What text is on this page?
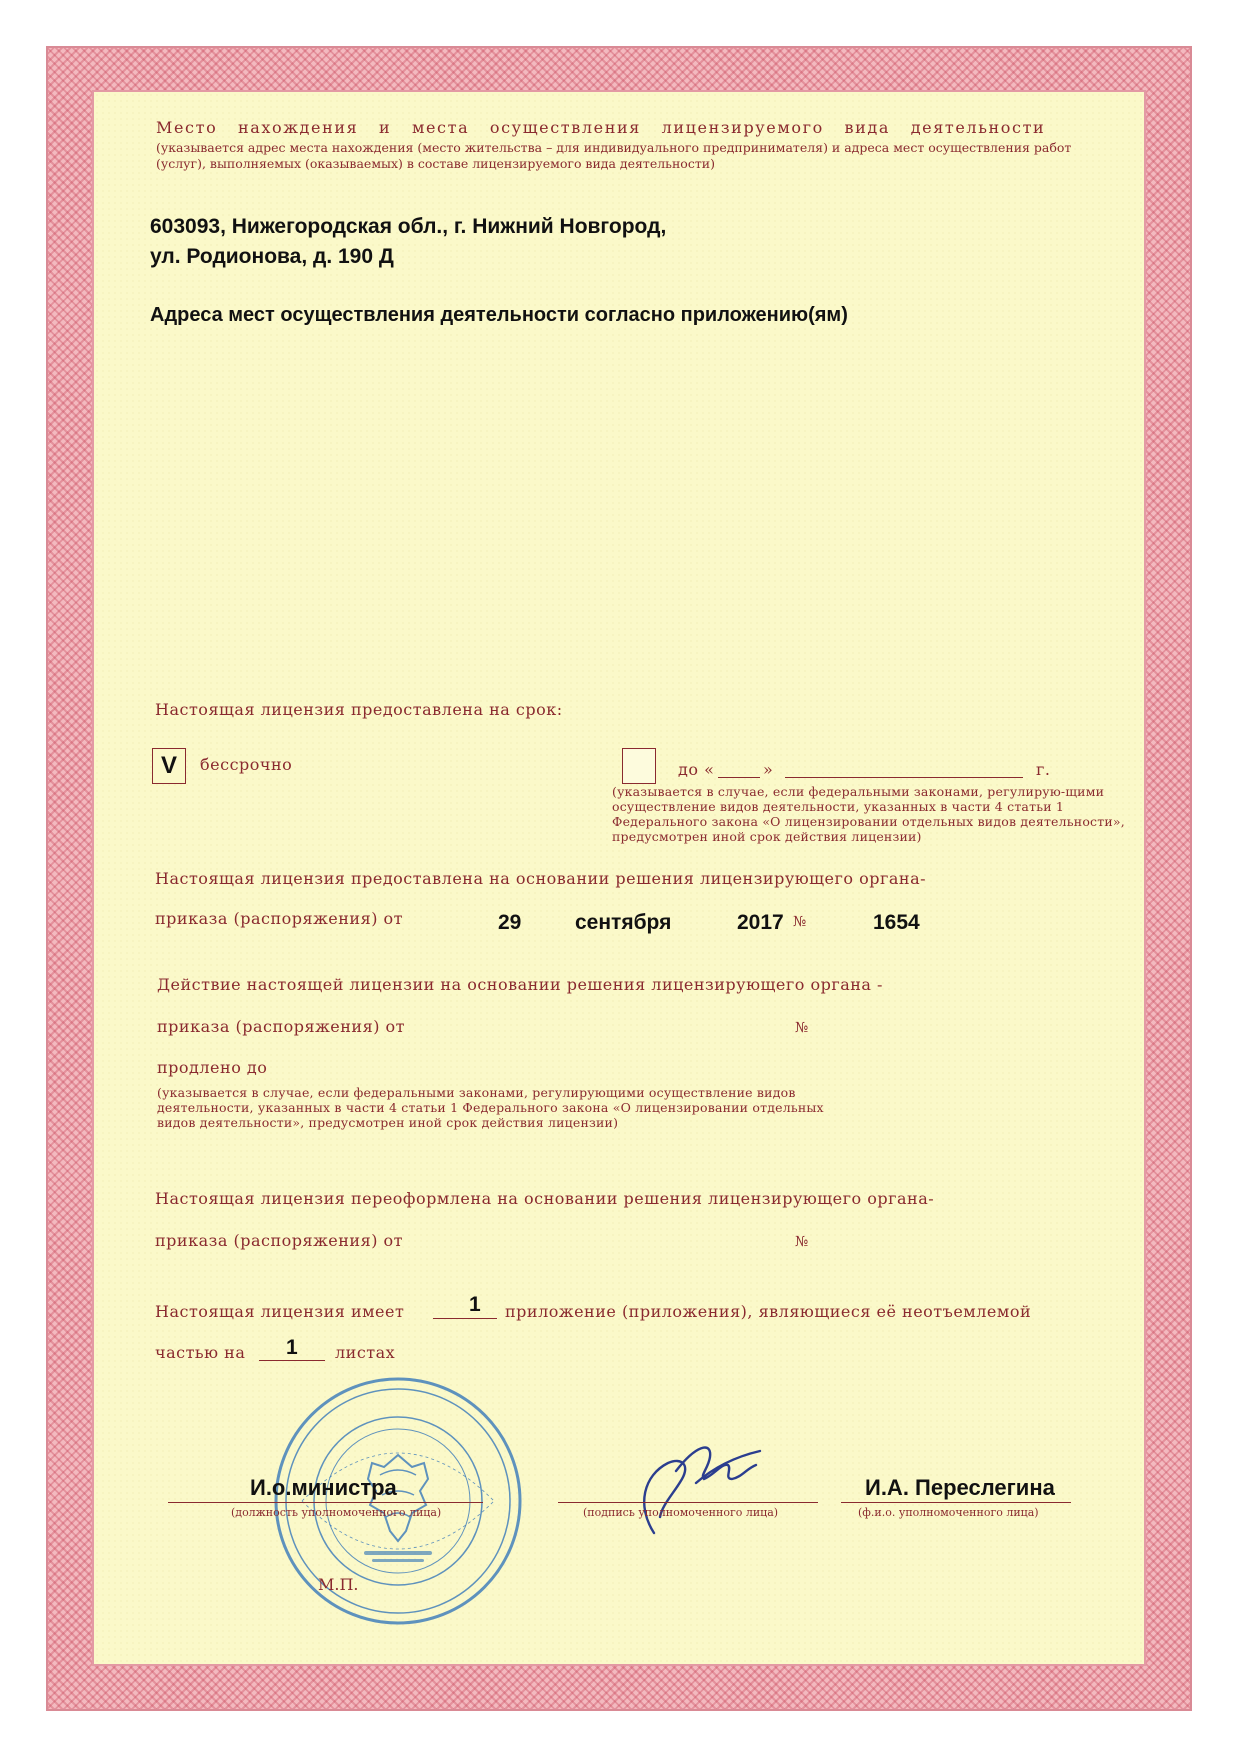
Место нахождения и места осуществления лицензируемого вида деятельности
(указывается адрес места нахождения (место жительства – для индивидуального предпринимателя) и адреса мест осуществления работ (услуг), выполняемых (оказываемых) в составе лицензируемого вида деятельности)
603093, Нижегородская обл., г. Нижний Новгород,
ул. Родионова, д. 190 Д
Адреса мест осуществления деятельности согласно приложению(ям)
Настоящая лицензия предоставлена на срок:
V	бессрочно	до «	»	г.
(указывается в случае, если федеральными законами, регулирую-щими осуществление видов деятельности, указанных в части 4 статьи 1 Федерального закона «О лицензировании отдельных видов деятельности», предусмотрен иной срок действия лицензии)
Настоящая лицензия предоставлена на основании решения лицензирующего органа-
приказа (распоряжения) от	29	сентября	2017 №	1654
Действие настоящей лицензии на основании решения лицензирующего органа -
приказа (распоряжения) от	№
продлено до
(указывается в случае, если федеральными законами, регулирующими осуществление видов деятельности, указанных в части 4 статьи 1 Федерального закона «О лицензировании отдельных видов деятельности», предусмотрен иной срок действия лицензии)
Настоящая лицензия переоформлена на основании решения лицензирующего органа-
приказа (распоряжения) от	№
Настоящая лицензия имеет	1 приложение (приложения), являющиеся её неотъемлемой
частью на 1 листах
И.о.министра
(должность уполномоченного лица)	(подпись уполномоченного лица)
И.А. Переслегина
(ф.и.о. уполномоченного лица)
М.П.
